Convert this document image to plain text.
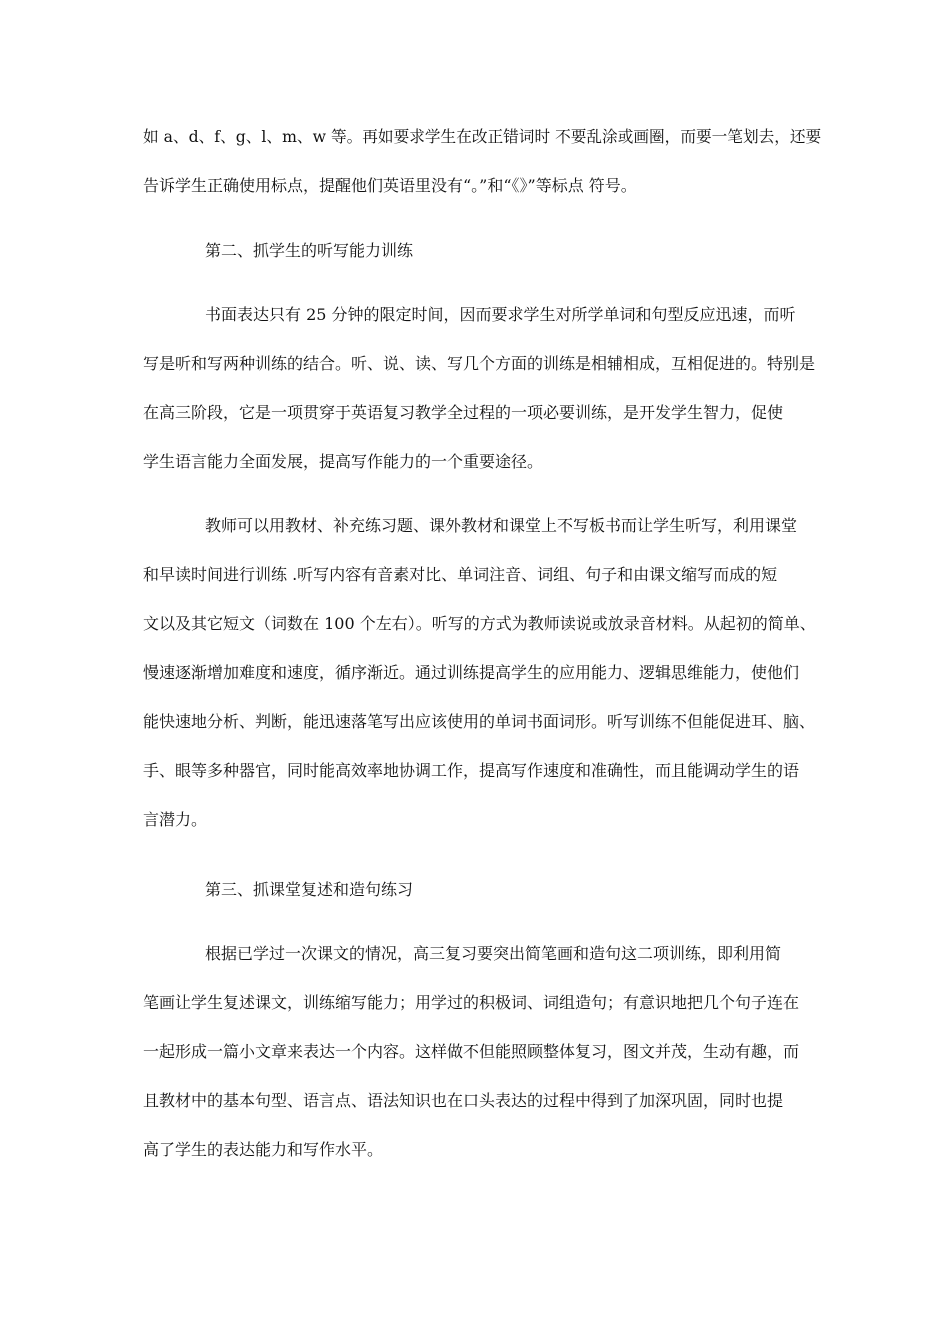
如 a、d、f、g、l、m、w 等。再如要求学生在改正错词时 不要乱涂或画圈，而要一笔划去，还要
告诉学生正确使用标点，提醒他们英语里没有“。”和“《》”等标点 符号。
第二、抓学生的听写能力训练
书面表达只有 25 分钟的限定时间，因而要求学生对所学单词和句型反应迅速，而听
写是听和写两种训练的结合。听、说、读、写几个方面的训练是相辅相成，互相促进的。特别是
在高三阶段，它是一项贯穿于英语复习教学全过程的一项必要训练，是开发学生智力，促使
学生语言能力全面发展，提高写作能力的一个重要途径。
教师可以用教材、补充练习题、课外教材和课堂上不写板书而让学生听写，利用课堂
和早读时间进行训练 .听写内容有音素对比、单词注音、词组、句子和由课文缩写而成的短
文以及其它短文（词数在 100 个左右）。听写的方式为教师读说或放录音材料。从起初的简单、
慢速逐渐增加难度和速度，循序渐近。通过训练提高学生的应用能力、逻辑思维能力，使他们
能快速地分析、判断，能迅速落笔写出应该使用的单词书面词形。听写训练不但能促进耳、脑、
手、眼等多种器官，同时能高效率地协调工作，提高写作速度和准确性，而且能调动学生的语
言潜力。
第三、抓课堂复述和造句练习
根据已学过一次课文的情况，高三复习要突出简笔画和造句这二项训练，即利用简
笔画让学生复述课文，训练缩写能力；用学过的积极词、词组造句；有意识地把几个句子连在
一起形成一篇小文章来表达一个内容。这样做不但能照顾整体复习，图文并茂，生动有趣，而
且教材中的基本句型、语言点、语法知识也在口头表达的过程中得到了加深巩固，同时也提
高了学生的表达能力和写作水平。
